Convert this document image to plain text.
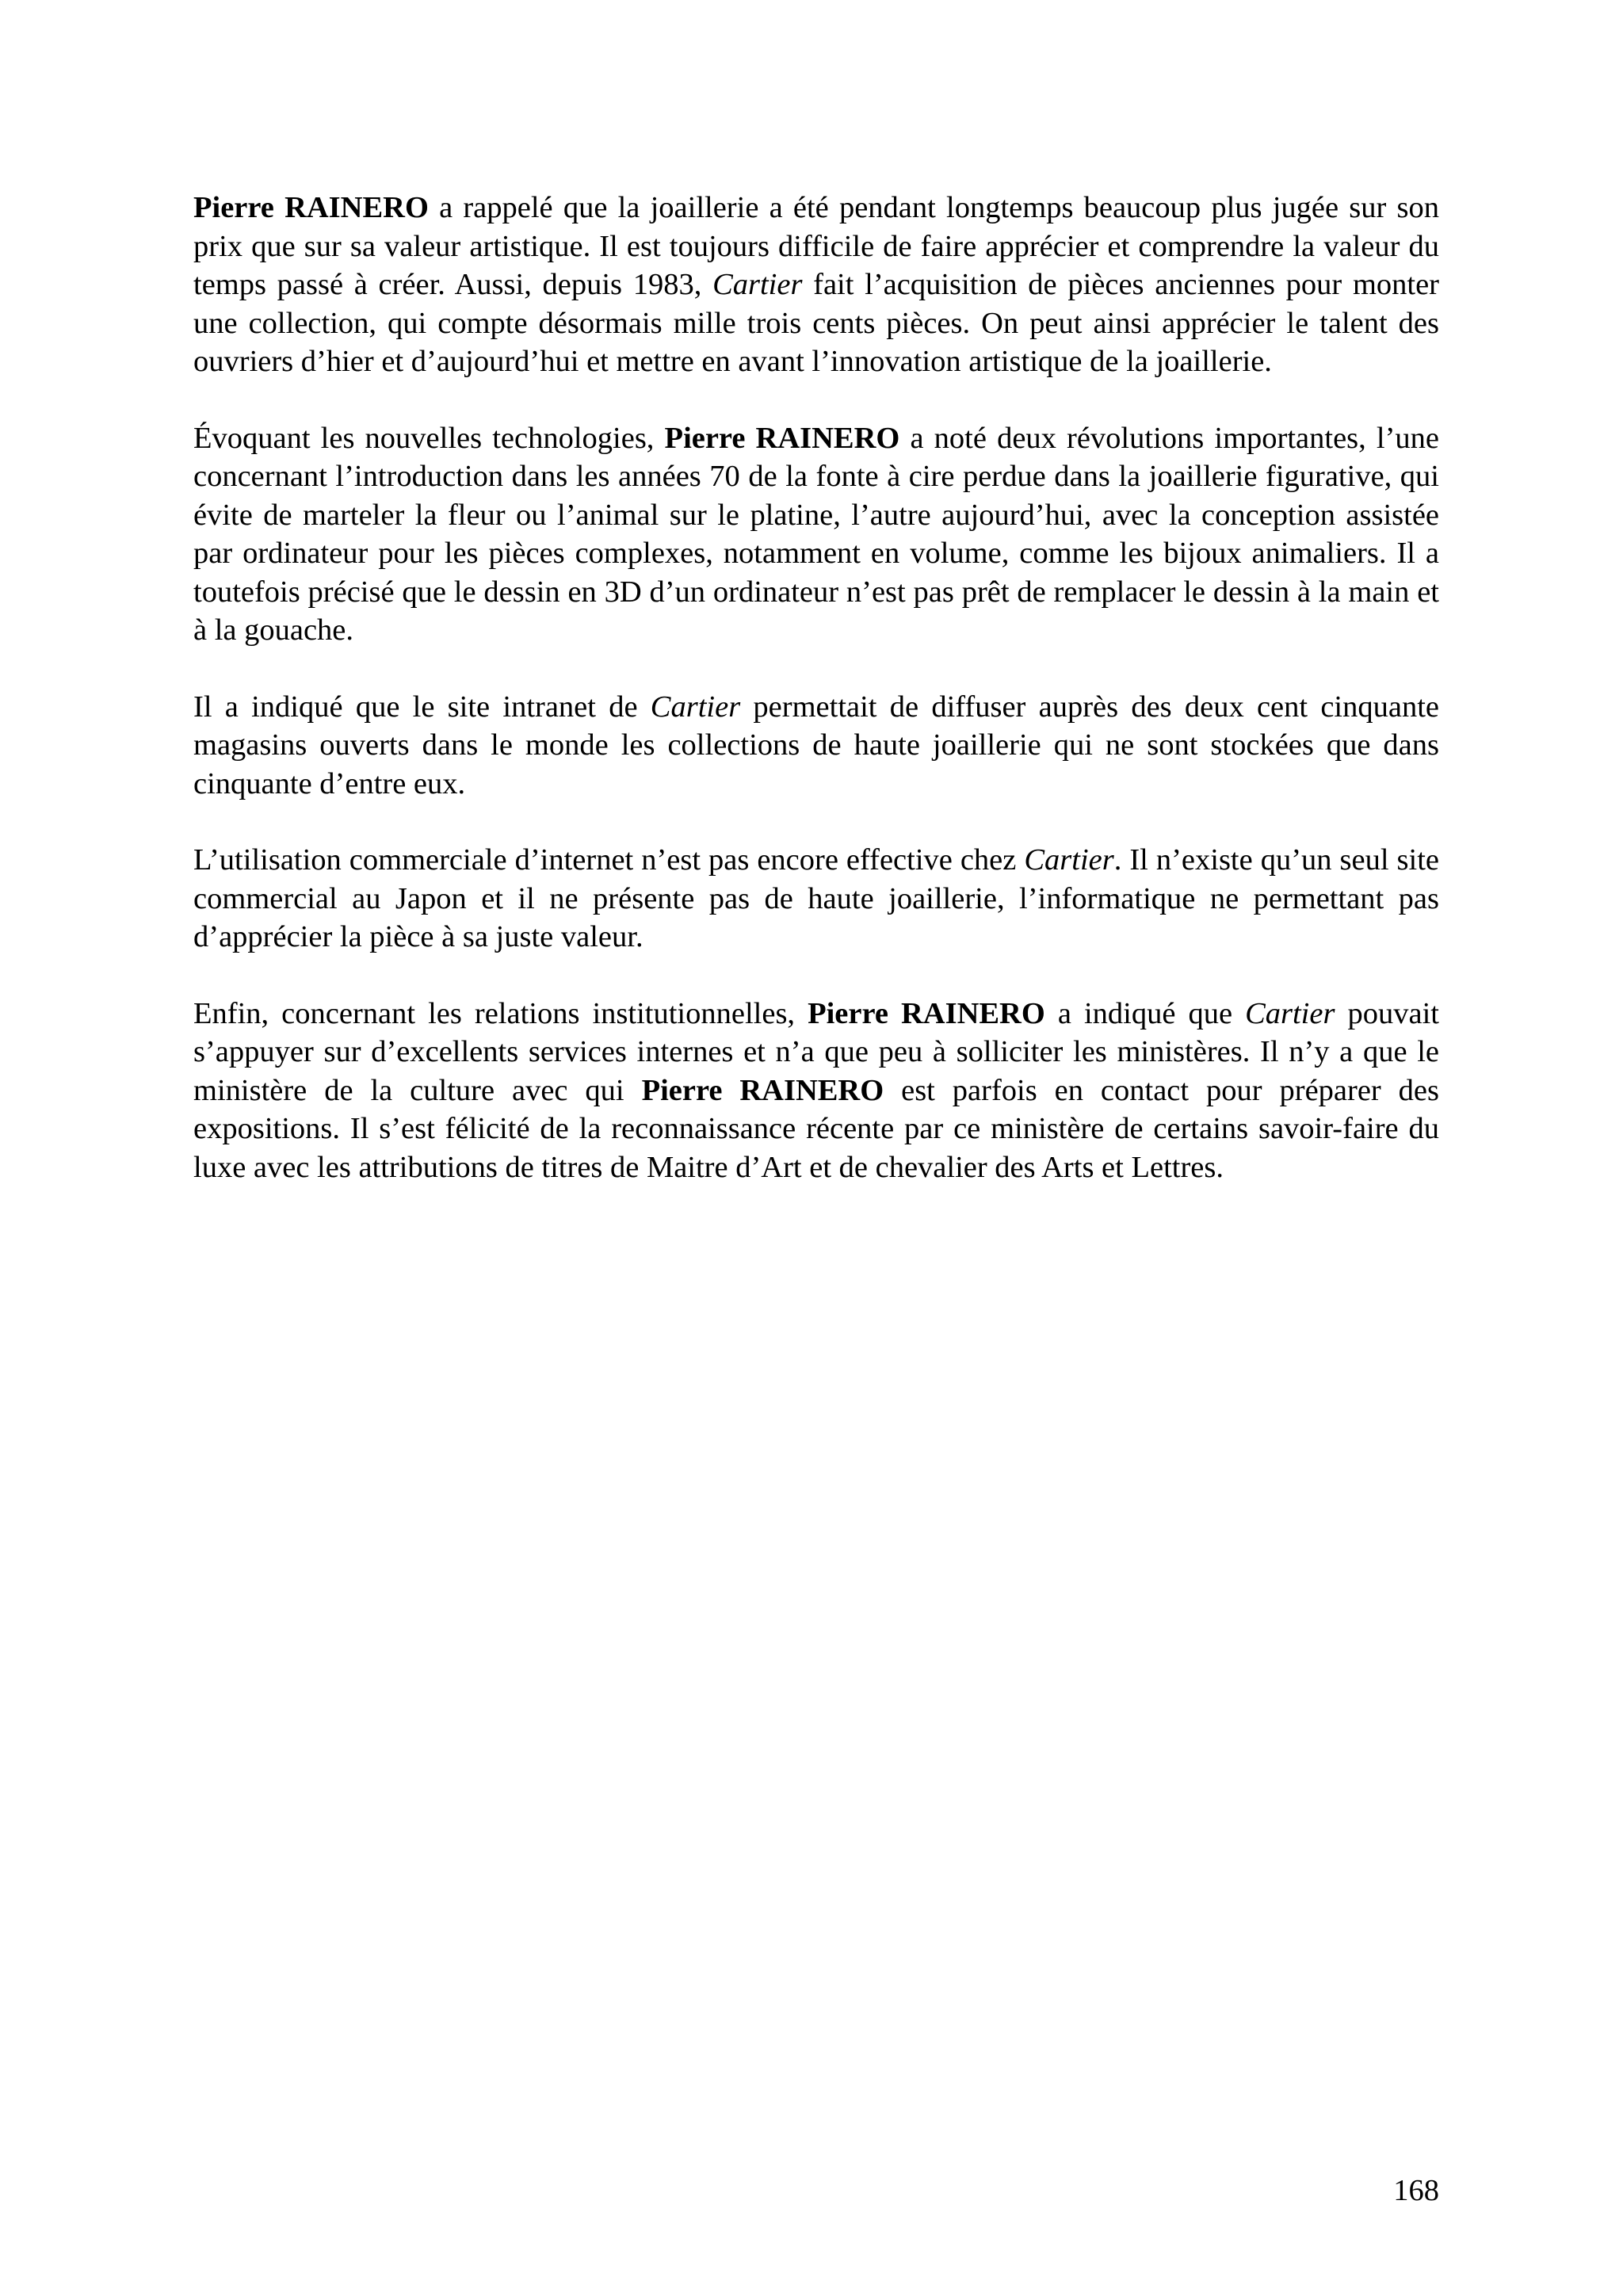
Pierre RAINERO a rappelé que la joaillerie a été pendant longtemps beaucoup plus jugée sur son prix que sur sa valeur artistique. Il est toujours difficile de faire apprécier et comprendre la valeur du temps passé à créer. Aussi, depuis 1983, Cartier fait l’acquisition de pièces anciennes pour monter une collection, qui compte désormais mille trois cents pièces. On peut ainsi apprécier le talent des ouvriers d’hier et d’aujourd’hui et mettre en avant l’innovation artistique de la joaillerie.

Évoquant les nouvelles technologies, Pierre RAINERO a noté deux révolutions importantes, l’une concernant l’introduction dans les années 70 de la fonte à cire perdue dans la joaillerie figurative, qui évite de marteler la fleur ou l’animal sur le platine, l’autre aujourd’hui, avec la conception assistée par ordinateur pour les pièces complexes, notamment en volume, comme les bijoux animaliers. Il a toutefois précisé que le dessin en 3D d’un ordinateur n’est pas prêt de remplacer le dessin à la main et à la gouache.

Il a indiqué que le site intranet de Cartier permettait de diffuser auprès des deux cent cinquante magasins ouverts dans le monde les collections de haute joaillerie qui ne sont stockées que dans cinquante d’entre eux.

L’utilisation commerciale d’internet n’est pas encore effective chez Cartier. Il n’existe qu’un seul site commercial au Japon et il ne présente pas de haute joaillerie, l’informatique ne permettant pas d’apprécier la pièce à sa juste valeur.

Enfin, concernant les relations institutionnelles, Pierre RAINERO a indiqué que Cartier pouvait s’appuyer sur d’excellents services internes et n’a que peu à solliciter les ministères. Il n’y a que le ministère de la culture avec qui Pierre RAINERO est parfois en contact pour préparer des expositions. Il s’est félicité de la reconnaissance récente par ce ministère de certains savoir-faire du luxe avec les attributions de titres de Maitre d’Art et de chevalier des Arts et Lettres.

168
